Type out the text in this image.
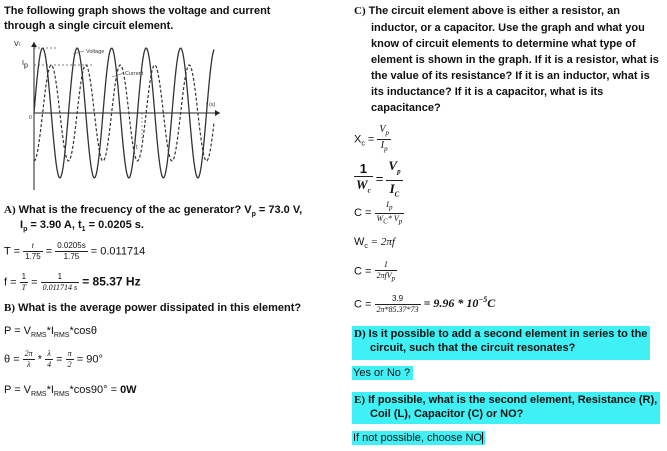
The following graph shows the voltage and current
through a single circuit element.
Voltage
Current
t (s)
t
0
Vi
$I_p$
A) What is the frecuency of the ac generator? $V_p = 73.0$ V,
$I_p = 3.90$ A, $t_1 = 0.0205$ s.
$T = \frac{t}{1.75} = \frac{0.0205s}{1.75} = 0.011714$
$f = \frac{1}{T} = \frac{1}{0.011714 s} = 85.37$ Hz
B) What is the average power dissipated in this element?
$P = V_{RMS}*I_{RMS}*\cos\theta$
$\theta = \frac{2\pi}{\lambda} * \frac{\lambda}{4} = \frac{\pi}{2} = 90^\circ$
$P = V_{RMS}*I_{RMS}*\cos 90^\circ = 0W$
C) The circuit element above is either a resistor, an
inductor, or a capacitor. Use the graph and what you
know of circuit elements to determine what type of
element is shown in the graph. If it is a resistor, what is
the value of its resistance? If it is an inductor, what is
its inductance? If it is a capacitor, what is its
capacitance?
$X_c = \frac{V_p}{I_p}$
$\frac{1}{W_c} = \frac{V_p}{I_C}$
$C = \frac{I_p}{W_C* V_p}$
$W_c = 2\pi f$
$C = \frac{I}{2\pi fV_p}$
$C = \frac{3.9}{2\pi*85.37*73} = 9.96 * 10^{-5}C$
D) Is it possible to add a second element in series to the
circuit, such that the circuit resonates?
Yes or No ?
E) If possible, what is the second element, Resistance (R),
Coil (L), Capacitor (C) or NO?
If not possible, choose NO
